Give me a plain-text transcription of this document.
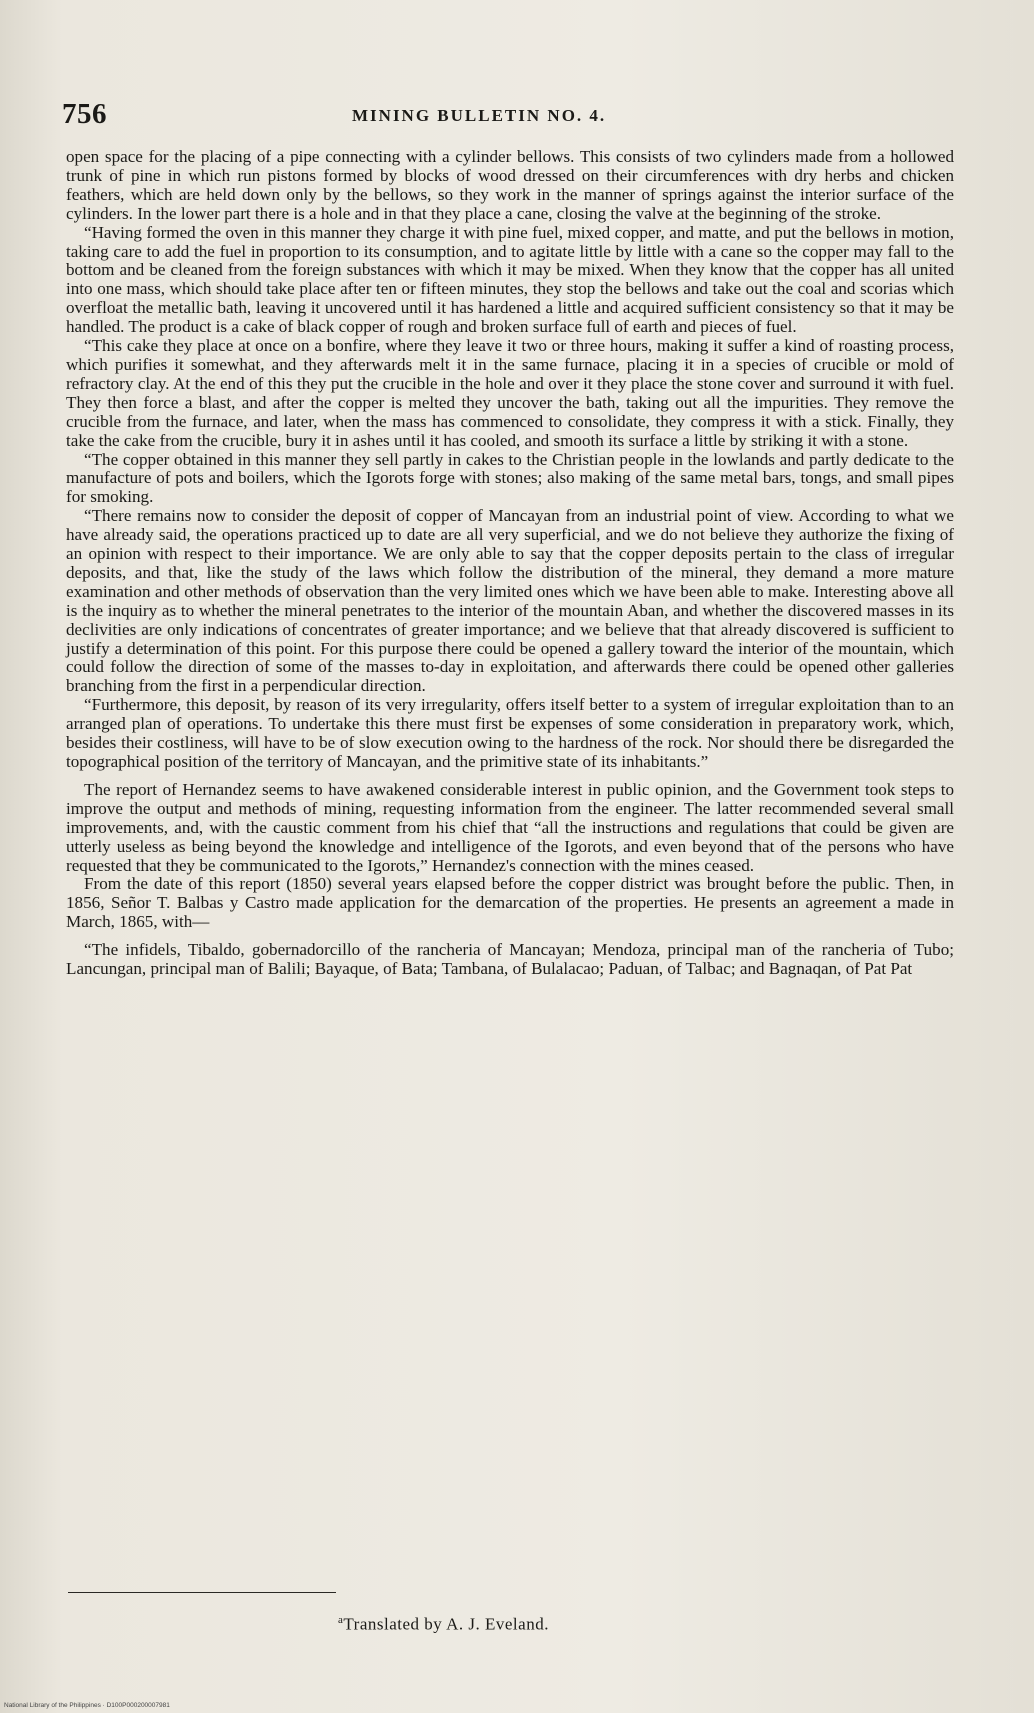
756	MINING BULLETIN NO. 4.

open space for the placing of a pipe connecting with a cylinder bellows. This consists of two cylinders made from a hollowed trunk of pine in which run pistons formed by blocks of wood dressed on their circumferences with dry herbs and chicken feathers, which are held down only by the bellows, so they work in the manner of springs against the interior surface of the cylinders. In the lower part there is a hole and in that they place a cane, closing the valve at the beginning of the stroke.

“Having formed the oven in this manner they charge it with pine fuel, mixed copper, and matte, and put the bellows in motion, taking care to add the fuel in proportion to its consumption, and to agitate little by little with a cane so the copper may fall to the bottom and be cleaned from the foreign substances with which it may be mixed. When they know that the copper has all united into one mass, which should take place after ten or fifteen minutes, they stop the bellows and take out the coal and scorias which overfloat the metallic bath, leaving it uncovered until it has hardened a little and acquired sufficient consistency so that it may be handled. The product is a cake of black copper of rough and broken surface full of earth and pieces of fuel.

“This cake they place at once on a bonfire, where they leave it two or three hours, making it suffer a kind of roasting process, which purifies it somewhat, and they afterwards melt it in the same furnace, placing it in a species of crucible or mold of refractory clay. At the end of this they put the crucible in the hole and over it they place the stone cover and surround it with fuel. They then force a blast, and after the copper is melted they uncover the bath, taking out all the impurities. They remove the crucible from the furnace, and later, when the mass has commenced to consolidate, they compress it with a stick. Finally, they take the cake from the crucible, bury it in ashes until it has cooled, and smooth its surface a little by striking it with a stone.

“The copper obtained in this manner they sell partly in cakes to the Christian people in the lowlands and partly dedicate to the manufacture of pots and boilers, which the Igorots forge with stones; also making of the same metal bars, tongs, and small pipes for smoking.

“There remains now to consider the deposit of copper of Mancayan from an industrial point of view. According to what we have already said, the operations practiced up to date are all very superficial, and we do not believe they authorize the fixing of an opinion with respect to their importance. We are only able to say that the copper deposits pertain to the class of irregular deposits, and that, like the study of the laws which follow the distribution of the mineral, they demand a more mature examination and other methods of observation than the very limited ones which we have been able to make. Interesting above all is the inquiry as to whether the mineral penetrates to the interior of the mountain Aban, and whether the discovered masses in its declivities are only indications of concentrates of greater importance; and we believe that that already discovered is sufficient to justify a determination of this point. For this purpose there could be opened a gallery toward the interior of the mountain, which could follow the direction of some of the masses to-day in exploitation, and afterwards there could be opened other galleries branching from the first in a perpendicular direction.

“Furthermore, this deposit, by reason of its very irregularity, offers itself better to a system of irregular exploitation than to an arranged plan of operations. To undertake this there must first be expenses of some consideration in preparatory work, which, besides their costliness, will have to be of slow execution owing to the hardness of the rock. Nor should there be disregarded the topographical position of the territory of Mancayan, and the primitive state of its inhabitants.”

The report of Hernandez seems to have awakened considerable interest in public opinion, and the Government took steps to improve the output and methods of mining, requesting information from the engineer. The latter recommended several small improvements, and, with the caustic comment from his chief that “all the instructions and regulations that could be given are utterly useless as being beyond the knowledge and intelligence of the Igorots, and even beyond that of the persons who have requested that they be communicated to the Igorots,” Hernandez's connection with the mines ceased.

From the date of this report (1850) several years elapsed before the copper district was brought before the public. Then, in 1856, Señor T. Balbas y Castro made application for the demarcation of the properties. He presents an agreement a made in March, 1865, with—

“The infidels, Tibaldo, gobernadorcillo of the rancheria of Mancayan; Mendoza, principal man of the rancheria of Tubo; Lancungan, principal man of Balili; Bayaque, of Bata; Tambana, of Bulalacao; Paduan, of Talbac; and Bagnaqan, of Pat Pat

$^a$Translated by A. J. Eveland.
National Library of the Philippines · D100P000200007981
